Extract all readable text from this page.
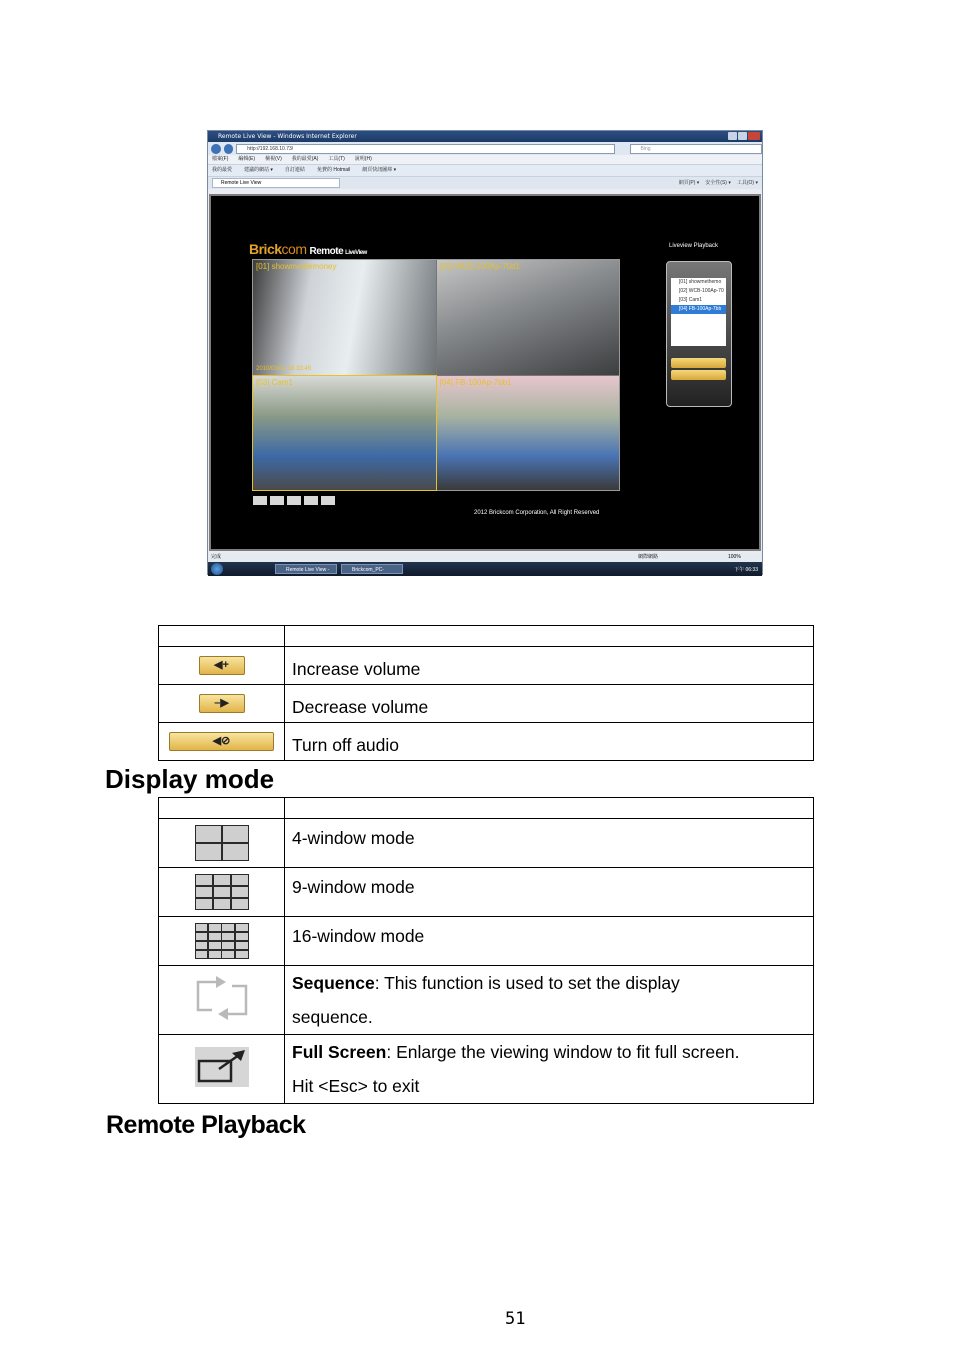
Remote Live View - Windows Internet Explorer
http://192.168.10.73/	Bing
檔案(F) 編輯(E) 檢視(V) 我的最愛(A) 工具(T) 說明(H)
我的最愛 建議的網站 ▾ 自訂連結 免費的 Hotmail 網頁快訊圖庫 ▾
Remote Live View	網頁(P) ▾ 安全性(S) ▾ 工具(O) ▾
Brickcom Remote LiveView
Liveview Playback
[01] showmethemoney
2010/03/01 18:33:45
[02] WCB-100Ap-70d1
[03] Cam1	[04] FB-100Ap-7bb1
2012 Brickcom Corporation, All Right Reserved
[01] showmethemo
[02] WCB-100Ap-70
[03] Cam1
[04] FB-100Ap-7bb
完成	網際網路	100%
Remote Live View - Wi
Brickcom_PC-BVIS_Sl...
下午 06:33

◀+	Increase volume
–▶	Decrease volume
◀⊘	Turn off audio
Display mode

	4-window mode

	9-window mode

	16-window mode
	Sequence: This function is used to set the display
sequence.
	Full Screen: Enlarge the viewing window to fit full screen.
Hit <Esc> to exit
Remote Playback
51
